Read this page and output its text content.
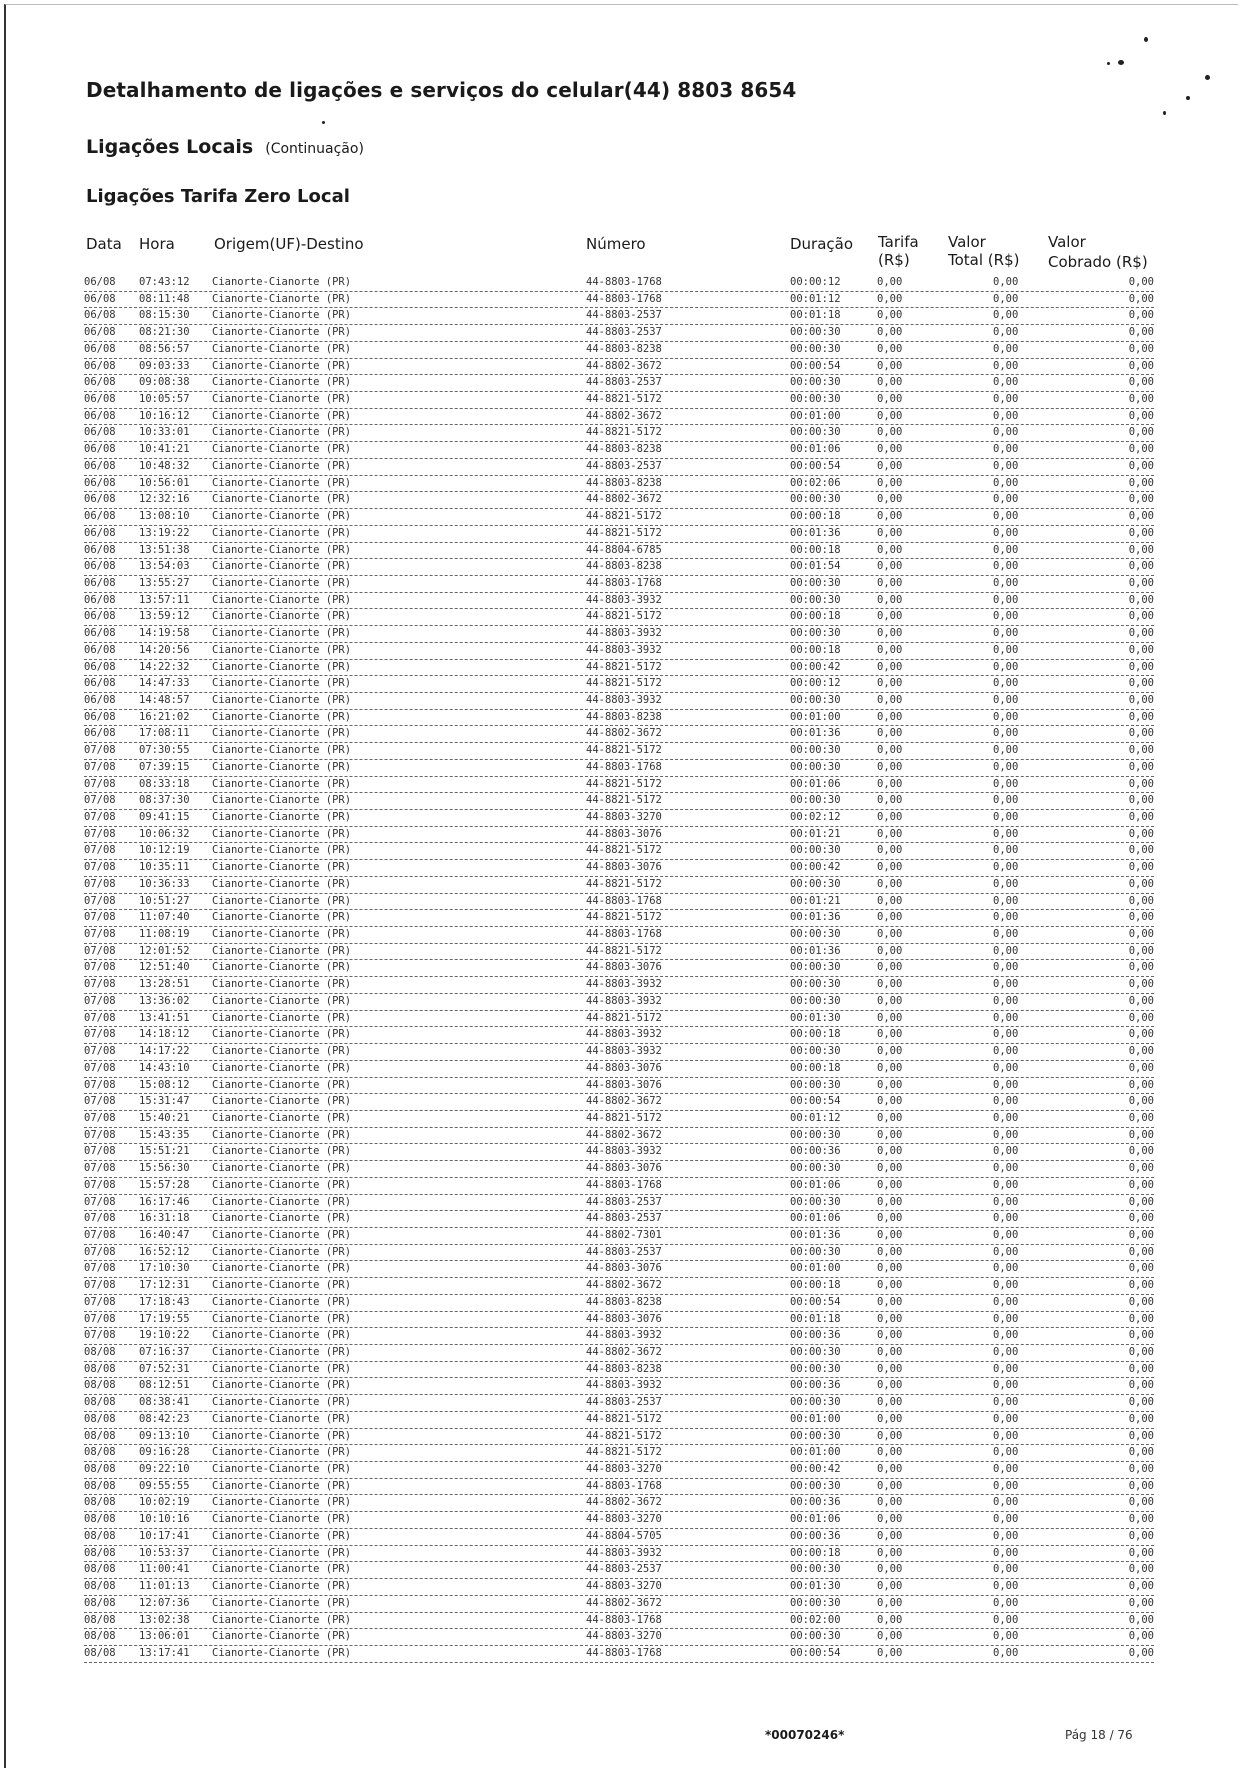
Detalhamento de ligações e serviços do celular(44) 8803 8654
Ligações Locais (Continuação)
Ligações Tarifa Zero Local
Data Hora	Origem(UF)-Destino	Número	Duração Tarifa
(R$)
Valor
Total (R$)
Valor
Cobrado (R$)
06/08 07:43:12 Cianorte-Cianorte (PR)	44-8803-1768	00:00:12	0,00	0,00	0,00
06/08 08:11:48 Cianorte-Cianorte (PR)	44-8803-1768	00:01:12	0,00	0,00	0,00
06/08 08:15:30 Cianorte-Cianorte (PR)	44-8803-2537	00:01:18	0,00	0,00	0,00
06/08 08:21:30 Cianorte-Cianorte (PR)	44-8803-2537	00:00:30	0,00	0,00	0,00
06/08 08:56:57 Cianorte-Cianorte (PR)	44-8803-8238	00:00:30	0,00	0,00	0,00
06/08 09:03:33 Cianorte-Cianorte (PR)	44-8802-3672	00:00:54	0,00	0,00	0,00
06/08 09:08:38 Cianorte-Cianorte (PR)	44-8803-2537	00:00:30	0,00	0,00	0,00
06/08 10:05:57 Cianorte-Cianorte (PR)	44-8821-5172	00:00:30	0,00	0,00	0,00
06/08 10:16:12 Cianorte-Cianorte (PR)	44-8802-3672	00:01:00	0,00	0,00	0,00
06/08 10:33:01 Cianorte-Cianorte (PR)	44-8821-5172	00:00:30	0,00	0,00	0,00
06/08 10:41:21 Cianorte-Cianorte (PR)	44-8803-8238	00:01:06	0,00	0,00	0,00
06/08 10:48:32 Cianorte-Cianorte (PR)	44-8803-2537	00:00:54	0,00	0,00	0,00
06/08 10:56:01 Cianorte-Cianorte (PR)	44-8803-8238	00:02:06	0,00	0,00	0,00
06/08 12:32:16 Cianorte-Cianorte (PR)	44-8802-3672	00:00:30	0,00	0,00	0,00
06/08 13:08:10 Cianorte-Cianorte (PR)	44-8821-5172	00:00:18	0,00	0,00	0,00
06/08 13:19:22 Cianorte-Cianorte (PR)	44-8821-5172	00:01:36	0,00	0,00	0,00
06/08 13:51:38 Cianorte-Cianorte (PR)	44-8804-6785	00:00:18	0,00	0,00	0,00
06/08 13:54:03 Cianorte-Cianorte (PR)	44-8803-8238	00:01:54	0,00	0,00	0,00
06/08 13:55:27 Cianorte-Cianorte (PR)	44-8803-1768	00:00:30	0,00	0,00	0,00
06/08 13:57:11 Cianorte-Cianorte (PR)	44-8803-3932	00:00:30	0,00	0,00	0,00
06/08 13:59:12 Cianorte-Cianorte (PR)	44-8821-5172	00:00:18	0,00	0,00	0,00
06/08 14:19:58 Cianorte-Cianorte (PR)	44-8803-3932	00:00:30	0,00	0,00	0,00
06/08 14:20:56 Cianorte-Cianorte (PR)	44-8803-3932	00:00:18	0,00	0,00	0,00
06/08 14:22:32 Cianorte-Cianorte (PR)	44-8821-5172	00:00:42	0,00	0,00	0,00
06/08 14:47:33 Cianorte-Cianorte (PR)	44-8821-5172	00:00:12	0,00	0,00	0,00
06/08 14:48:57 Cianorte-Cianorte (PR)	44-8803-3932	00:00:30	0,00	0,00	0,00
06/08 16:21:02 Cianorte-Cianorte (PR)	44-8803-8238	00:01:00	0,00	0,00	0,00
06/08 17:08:11 Cianorte-Cianorte (PR)	44-8802-3672	00:01:36	0,00	0,00	0,00
07/08 07:30:55 Cianorte-Cianorte (PR)	44-8821-5172	00:00:30	0,00	0,00	0,00
07/08 07:39:15 Cianorte-Cianorte (PR)	44-8803-1768	00:00:30	0,00	0,00	0,00
07/08 08:33:18 Cianorte-Cianorte (PR)	44-8821-5172	00:01:06	0,00	0,00	0,00
07/08 08:37:30 Cianorte-Cianorte (PR)	44-8821-5172	00:00:30	0,00	0,00	0,00
07/08 09:41:15 Cianorte-Cianorte (PR)	44-8803-3270	00:02:12	0,00	0,00	0,00
07/08 10:06:32 Cianorte-Cianorte (PR)	44-8803-3076	00:01:21	0,00	0,00	0,00
07/08 10:12:19 Cianorte-Cianorte (PR)	44-8821-5172	00:00:30	0,00	0,00	0,00
07/08 10:35:11 Cianorte-Cianorte (PR)	44-8803-3076	00:00:42	0,00	0,00	0,00
07/08 10:36:33 Cianorte-Cianorte (PR)	44-8821-5172	00:00:30	0,00	0,00	0,00
07/08 10:51:27 Cianorte-Cianorte (PR)	44-8803-1768	00:01:21	0,00	0,00	0,00
07/08 11:07:40 Cianorte-Cianorte (PR)	44-8821-5172	00:01:36	0,00	0,00	0,00
07/08 11:08:19 Cianorte-Cianorte (PR)	44-8803-1768	00:00:30	0,00	0,00	0,00
07/08 12:01:52 Cianorte-Cianorte (PR)	44-8821-5172	00:01:36	0,00	0,00	0,00
07/08 12:51:40 Cianorte-Cianorte (PR)	44-8803-3076	00:00:30	0,00	0,00	0,00
07/08 13:28:51 Cianorte-Cianorte (PR)	44-8803-3932	00:00:30	0,00	0,00	0,00
07/08 13:36:02 Cianorte-Cianorte (PR)	44-8803-3932	00:00:30	0,00	0,00	0,00
07/08 13:41:51 Cianorte-Cianorte (PR)	44-8821-5172	00:01:30	0,00	0,00	0,00
07/08 14:18:12 Cianorte-Cianorte (PR)	44-8803-3932	00:00:18	0,00	0,00	0,00
07/08 14:17:22 Cianorte-Cianorte (PR)	44-8803-3932	00:00:30	0,00	0,00	0,00
07/08 14:43:10 Cianorte-Cianorte (PR)	44-8803-3076	00:00:18	0,00	0,00	0,00
07/08 15:08:12 Cianorte-Cianorte (PR)	44-8803-3076	00:00:30	0,00	0,00	0,00
07/08 15:31:47 Cianorte-Cianorte (PR)	44-8802-3672	00:00:54	0,00	0,00	0,00
07/08 15:40:21 Cianorte-Cianorte (PR)	44-8821-5172	00:01:12	0,00	0,00	0,00
07/08 15:43:35 Cianorte-Cianorte (PR)	44-8802-3672	00:00:30	0,00	0,00	0,00
07/08 15:51:21 Cianorte-Cianorte (PR)	44-8803-3932	00:00:36	0,00	0,00	0,00
07/08 15:56:30 Cianorte-Cianorte (PR)	44-8803-3076	00:00:30	0,00	0,00	0,00
07/08 15:57:28 Cianorte-Cianorte (PR)	44-8803-1768	00:01:06	0,00	0,00	0,00
07/08 16:17:46 Cianorte-Cianorte (PR)	44-8803-2537	00:00:30	0,00	0,00	0,00
07/08 16:31:18 Cianorte-Cianorte (PR)	44-8803-2537	00:01:06	0,00	0,00	0,00
07/08 16:40:47 Cianorte-Cianorte (PR)	44-8802-7301	00:01:36	0,00	0,00	0,00
07/08 16:52:12 Cianorte-Cianorte (PR)	44-8803-2537	00:00:30	0,00	0,00	0,00
07/08 17:10:30 Cianorte-Cianorte (PR)	44-8803-3076	00:01:00	0,00	0,00	0,00
07/08 17:12:31 Cianorte-Cianorte (PR)	44-8802-3672	00:00:18	0,00	0,00	0,00
07/08 17:18:43 Cianorte-Cianorte (PR)	44-8803-8238	00:00:54	0,00	0,00	0,00
07/08 17:19:55 Cianorte-Cianorte (PR)	44-8803-3076	00:01:18	0,00	0,00	0,00
07/08 19:10:22 Cianorte-Cianorte (PR)	44-8803-3932	00:00:36	0,00	0,00	0,00
08/08 07:16:37 Cianorte-Cianorte (PR)	44-8802-3672	00:00:30	0,00	0,00	0,00
08/08 07:52:31 Cianorte-Cianorte (PR)	44-8803-8238	00:00:30	0,00	0,00	0,00
08/08 08:12:51 Cianorte-Cianorte (PR)	44-8803-3932	00:00:36	0,00	0,00	0,00
08/08 08:38:41 Cianorte-Cianorte (PR)	44-8803-2537	00:00:30	0,00	0,00	0,00
08/08 08:42:23 Cianorte-Cianorte (PR)	44-8821-5172	00:01:00	0,00	0,00	0,00
08/08 09:13:10 Cianorte-Cianorte (PR)	44-8821-5172	00:00:30	0,00	0,00	0,00
08/08 09:16:28 Cianorte-Cianorte (PR)	44-8821-5172	00:01:00	0,00	0,00	0,00
08/08 09:22:10 Cianorte-Cianorte (PR)	44-8803-3270	00:00:42	0,00	0,00	0,00
08/08 09:55:55 Cianorte-Cianorte (PR)	44-8803-1768	00:00:30	0,00	0,00	0,00
08/08 10:02:19 Cianorte-Cianorte (PR)	44-8802-3672	00:00:36	0,00	0,00	0,00
08/08 10:10:16 Cianorte-Cianorte (PR)	44-8803-3270	00:01:06	0,00	0,00	0,00
08/08 10:17:41 Cianorte-Cianorte (PR)	44-8804-5705	00:00:36	0,00	0,00	0,00
08/08 10:53:37 Cianorte-Cianorte (PR)	44-8803-3932	00:00:18	0,00	0,00	0,00
08/08 11:00:41 Cianorte-Cianorte (PR)	44-8803-2537	00:00:30	0,00	0,00	0,00
08/08 11:01:13 Cianorte-Cianorte (PR)	44-8803-3270	00:01:30	0,00	0,00	0,00
08/08 12:07:36 Cianorte-Cianorte (PR)	44-8802-3672	00:00:30	0,00	0,00	0,00
08/08 13:02:38 Cianorte-Cianorte (PR)	44-8803-1768	00:02:00	0,00	0,00	0,00
08/08 13:06:01 Cianorte-Cianorte (PR)	44-8803-3270	00:00:30	0,00	0,00	0,00
08/08 13:17:41 Cianorte-Cianorte (PR)	44-8803-1768	00:00:54	0,00	0,00	0,00
*00070246*	Pág 18 / 76
